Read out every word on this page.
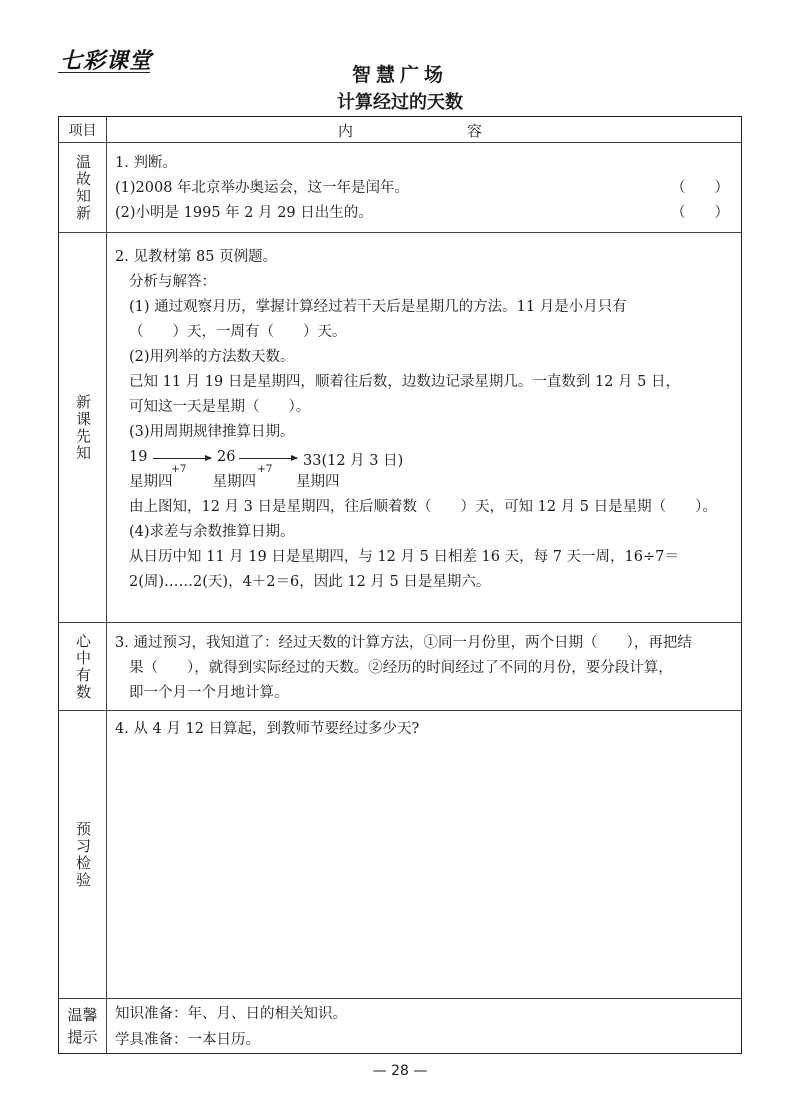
七彩课堂
智慧广场
计算经过的天数
项目	内　　容
温故知新 1. 判断。
(1)2008 年北京举办奥运会，这一年是闰年。	（　　）
(2)小明是 1995 年 2 月 29 日出生的。	（　　）
新课先知
2. 见教材第 85 页例题。
分析与解答：
(1) 通过观察月历，掌握计算经过若干天后是星期几的方法。11 月是小月只有
（　　）天，一周有（　　）天。
(2)用列举的方法数天数。
已知 11 月 19 日是星期四，顺着往后数，边数边记录星期几。一直数到 12 月 5 日，
可知这一天是星期（　　）。
(3)用周期规律推算日期。
19
+7
26
+7 33(12 月 3 日)
星期四	星期四	星期四
由上图知，12 月 3 日是星期四，往后顺着数（　　）天，可知 12 月 5 日是星期（　　）。
(4)求差与余数推算日期。
从日历中知 11 月 19 日是星期四，与 12 月 5 日相差 16 天，每 7 天一周，16÷7＝
2(周)……2(天)，4＋2＝6，因此 12 月 5 日是星期六。
心中有数 3. 通过预习，我知道了：经过天数的计算方法，①同一月份里，两个日期（　　），再把结
果（　　），就得到实际经过的天数。②经历的时间经过了不同的月份，要分段计算，
即一个月一个月地计算。
预习检验
4. 从 4 月 12 日算起，到教师节要经过多少天?
温馨
提示
知识准备：年、月、日的相关知识。
学具准备：一本日历。
— 28 —
